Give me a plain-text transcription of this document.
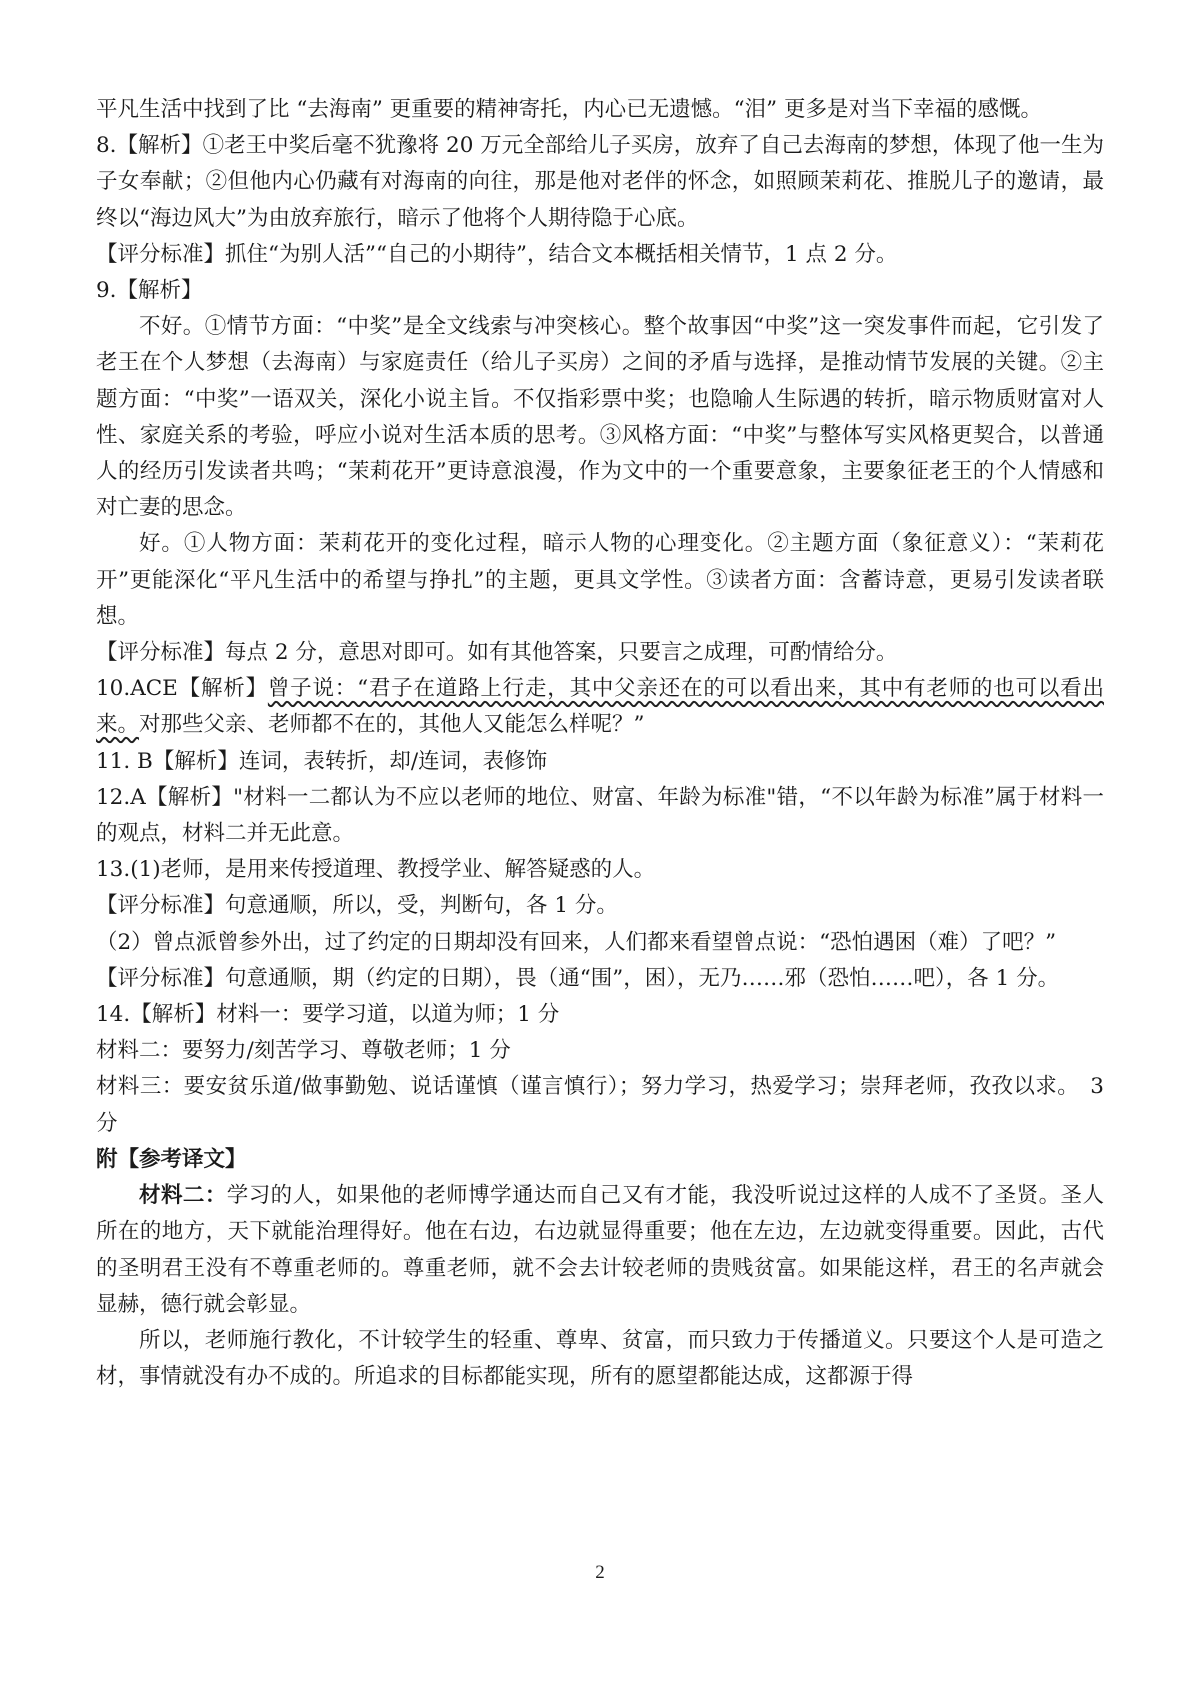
平凡生活中找到了比 “去海南” 更重要的精神寄托，内心已无遗憾。“泪” 更多是对当下幸福的感慨。

8.【解析】①老王中奖后毫不犹豫将 20 万元全部给儿子买房，放弃了自己去海南的梦想，体现了他一生为子女奉献；②但他内心仍藏有对海南的向往，那是他对老伴的怀念，如照顾茉莉花、推脱儿子的邀请，最终以“海边风大”为由放弃旅行，暗示了他将个人期待隐于心底。

【评分标准】抓住“为别人活”“自己的小期待”，结合文本概括相关情节，1 点 2 分。

9.【解析】

不好。①情节方面：“中奖”是全文线索与冲突核心。整个故事因“中奖”这一突发事件而起，它引发了老王在个人梦想（去海南）与家庭责任（给儿子买房）之间的矛盾与选择，是推动情节发展的关键。②主题方面：“中奖”一语双关，深化小说主旨。不仅指彩票中奖；也隐喻人生际遇的转折，暗示物质财富对人性、家庭关系的考验，呼应小说对生活本质的思考。③风格方面：“中奖”与整体写实风格更契合，以普通人的经历引发读者共鸣；“茉莉花开”更诗意浪漫，作为文中的一个重要意象，主要象征老王的个人情感和对亡妻的思念。

好。①人物方面：茉莉花开的变化过程，暗示人物的心理变化。②主题方面（象征意义）：“茉莉花开”更能深化“平凡生活中的希望与挣扎”的主题，更具文学性。③读者方面：含蓄诗意，更易引发读者联想。

【评分标准】每点 2 分，意思对即可。如有其他答案，只要言之成理，可酌情给分。

10.ACE【解析】曾子说：“君子在道路上行走，其中父亲还在的可以看出来，其中有老师的也可以看出来。对那些父亲、老师都不在的，其他人又能怎么样呢？”

11. B【解析】连词，表转折，却/连词，表修饰

12.A【解析】"材料一二都认为不应以老师的地位、财富、年龄为标准"错，“不以年龄为标准”属于材料一的观点，材料二并无此意。

13.(1)老师，是用来传授道理、教授学业、解答疑惑的人。

【评分标准】句意通顺，所以，受，判断句，各 1 分。

（2）曾点派曾参外出，过了约定的日期却没有回来，人们都来看望曾点说：“恐怕遇困（难）了吧？”

【评分标准】句意通顺，期（约定的日期），畏（通“围”，困），无乃……邪（恐怕……吧），各 1 分。

14.【解析】材料一：要学习道，以道为师；1 分

材料二：要努力/刻苦学习、尊敬老师；1 分

材料三：要安贫乐道/做事勤勉、说话谨慎（谨言慎行）；努力学习，热爱学习；崇拜老师，孜孜以求。　3 分

附【参考译文】

材料二：学习的人，如果他的老师博学通达而自己又有才能，我没听说过这样的人成不了圣贤。圣人所在的地方，天下就能治理得好。他在右边，右边就显得重要；他在左边，左边就变得重要。因此，古代的圣明君王没有不尊重老师的。尊重老师，就不会去计较老师的贵贱贫富。如果能这样，君王的名声就会显赫，德行就会彰显。

所以，老师施行教化，不计较学生的轻重、尊卑、贫富，而只致力于传播道义。只要这个人是可造之材，事情就没有办不成的。所追求的目标都能实现，所有的愿望都能达成，这都源于得

2
